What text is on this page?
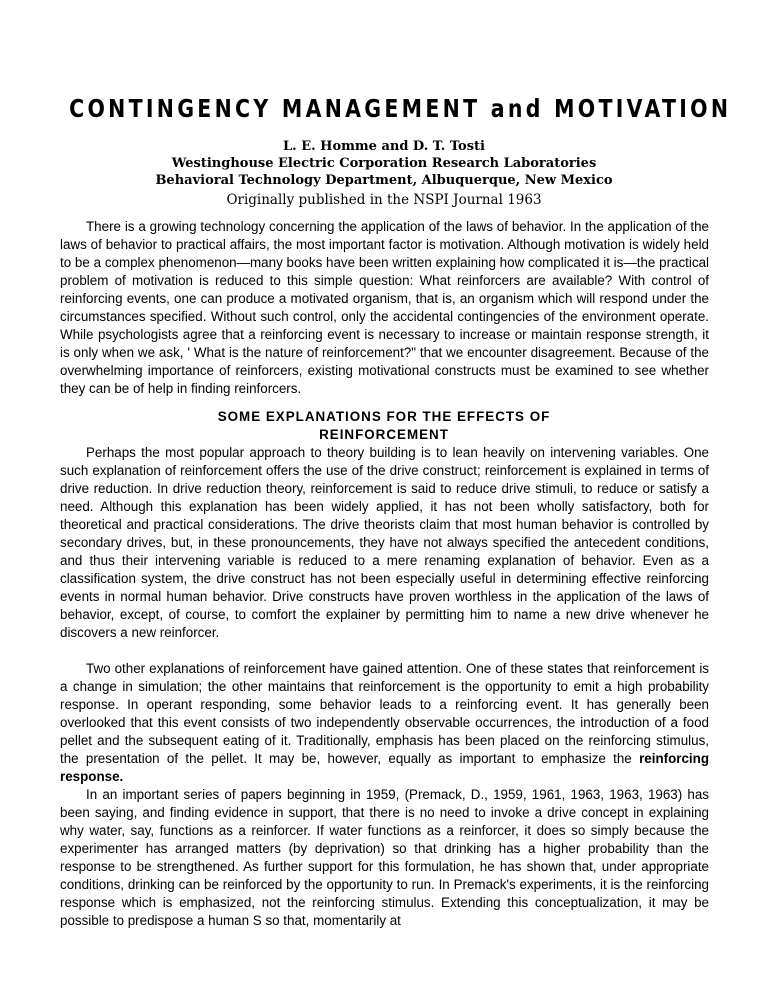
CONTINGENCY MANAGEMENT and MOTIVATION
L. E. Homme and D. T. Tosti
Westinghouse Electric Corporation Research Laboratories
Behavioral Technology Department, Albuquerque, New Mexico
Originally published in the NSPI Journal 1963

There is a growing technology concerning the application of the laws of behavior. In the application of the laws of behavior to practical affairs, the most important factor is motivation. Although motivation is widely held to be a complex phenomenon—many books have been written explaining how complicated it is—the practical problem of motivation is reduced to this simple question: What reinforcers are available? With control of reinforcing events, one can produce a motivated organism, that is, an organism which will respond under the circumstances specified. Without such control, only the accidental contingencies of the environment operate. While psychologists agree that a reinforcing event is necessary to increase or maintain response strength, it is only when we ask, ' What is the nature of reinforcement?" that we encounter disagreement. Because of the overwhelming importance of reinforcers, existing motivational constructs must be examined to see whether they can be of help in finding reinforcers.

SOME EXPLANATIONS FOR THE EFFECTS OF
REINFORCEMENT

Perhaps the most popular approach to theory building is to lean heavily on intervening variables. One such explanation of reinforcement offers the use of the drive construct; reinforcement is explained in terms of drive reduction. In drive reduction theory, reinforcement is said to reduce drive stimuli, to reduce or satisfy a need. Although this explanation has been widely applied, it has not been wholly satisfactory, both for theoretical and practical considerations. The drive theorists claim that most human behavior is controlled by secondary drives, but, in these pronouncements, they have not always specified the antecedent conditions, and thus their intervening variable is reduced to a mere renaming explanation of behavior. Even as a classification system, the drive construct has not been especially useful in determining effective reinforcing events in normal human behavior. Drive constructs have proven worthless in the application of the laws of behavior, except, of course, to comfort the explainer by permitting him to name a new drive whenever he discovers a new reinforcer.

Two other explanations of reinforcement have gained attention. One of these states that reinforcement is a change in simulation; the other maintains that reinforcement is the opportunity to emit a high probability response. In operant responding, some behavior leads to a reinforcing event. It has generally been overlooked that this event consists of two independently observable occurrences, the introduction of a food pellet and the subsequent eating of it. Traditionally, emphasis has been placed on the reinforcing stimulus, the presentation of the pellet. It may be, however, equally as important to emphasize the reinforcing response.

In an important series of papers beginning in 1959, (Premack, D., 1959, 1961, 1963, 1963, 1963) has been saying, and finding evidence in support, that there is no need to invoke a drive concept in explaining why water, say, functions as a reinforcer. If water functions as a reinforcer, it does so simply because the experimenter has arranged matters (by deprivation) so that drinking has a higher probability than the response to be strengthened. As further support for this formulation, he has shown that, under appropriate conditions, drinking can be reinforced by the opportunity to run. In Premack's experiments, it is the reinforcing response which is emphasized, not the reinforcing stimulus. Extending this conceptualization, it may be possible to predispose a human S so that, momentarily at
